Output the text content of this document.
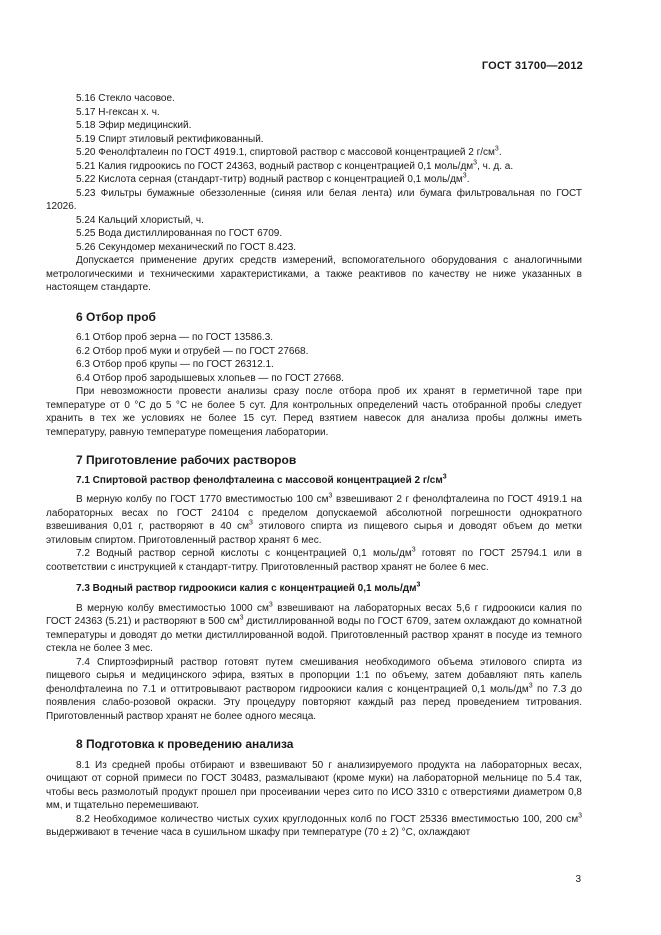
ГОСТ 31700—2012

5.16 Стекло часовое.

5.17 Н-гексан х. ч.

5.18 Эфир медицинский.

5.19 Спирт этиловый ректификованный.

5.20 Фенолфталеин по ГОСТ 4919.1, спиртовой раствор с массовой концентрацией 2 $г/см^3$.

5.21 Калия гидроокись по ГОСТ 24363, водный раствор с концентрацией 0,1 моль/$дм^3$, ч. д. а.

5.22 Кислота серная (стандарт-титр) водный раствор с концентрацией 0,1 моль/$дм^3$.

5.23 Фильтры бумажные обеззоленные (синяя или белая лента) или бумага фильтровальная по ГОСТ 12026.

5.24 Кальций хлористый, ч.

5.25 Вода дистиллированная по ГОСТ 6709.

5.26 Секундомер механический по ГОСТ 8.423.

Допускается применение других средств измерений, вспомогательного оборудования с аналогичными метрологическими и техническими характеристиками, а также реактивов по качеству не ниже указанных в настоящем стандарте.

6 Отбор проб

6.1 Отбор проб зерна — по ГОСТ 13586.3.

6.2 Отбор проб муки и отрубей — по ГОСТ 27668.

6.3 Отбор проб крупы — по ГОСТ 26312.1.

6.4 Отбор проб зародышевых хлопьев — по ГОСТ 27668.

При невозможности провести анализы сразу после отбора проб их хранят в герметичной таре при температуре от 0 °С до 5 °С не более 5 сут. Для контрольных определений часть отобранной пробы следует хранить в тех же условиях не более 15 сут. Перед взятием навесок для анализа пробы должны иметь температуру, равную температуре помещения лаборатории.

7 Приготовление рабочих растворов

7.1 Спиртовой раствор фенолфталеина с массовой концентрацией 2 $г/см^3$

В мерную колбу по ГОСТ 1770 вместимостью 100 $см^3$ взвешивают 2 г фенолфталеина по ГОСТ 4919.1 на лабораторных весах по ГОСТ 24104 с пределом допускаемой абсолютной погрешности однократного взвешивания 0,01 г, растворяют в 40 $см^3$ этилового спирта из пищевого сырья и доводят объем до метки этиловым спиртом. Приготовленный раствор хранят 6 мес.

7.2 Водный раствор серной кислоты с концентрацией 0,1 моль/$дм^3$ готовят по ГОСТ 25794.1 или в соответствии с инструкцией к стандарт-титру. Приготовленный раствор хранят не более 6 мес.

7.3 Водный раствор гидроокиси калия с концентрацией 0,1 моль/$дм^3$

В мерную колбу вместимостью 1000 $см^3$ взвешивают на лабораторных весах 5,6 г гидроокиси калия по ГОСТ 24363 (5.21) и растворяют в 500 $см^3$ дистиллированной воды по ГОСТ 6709, затем охлаждают до комнатной температуры и доводят до метки дистиллированной водой. Приготовленный раствор хранят в посуде из темного стекла не более 3 мес.

7.4 Спиртоэфирный раствор готовят путем смешивания необходимого объема этилового спирта из пищевого сырья и медицинского эфира, взятых в пропорции 1:1 по объему, затем добавляют пять капель фенолфталеина по 7.1 и оттитровывают раствором гидроокиси калия с концентрацией 0,1 моль/$дм^3$ по 7.3 до появления слабо-розовой окраски. Эту процедуру повторяют каждый раз перед проведением титрования. Приготовленный раствор хранят не более одного месяца.

8 Подготовка к проведению анализа

8.1 Из средней пробы отбирают и взвешивают 50 г анализируемого продукта на лабораторных весах, очищают от сорной примеси по ГОСТ 30483, размалывают (кроме муки) на лабораторной мельнице по 5.4 так, чтобы весь размолотый продукт прошел при просеивании через сито по ИСО 3310 с отверстиями диаметром 0,8 мм, и тщательно перемешивают.

8.2 Необходимое количество чистых сухих круглодонных колб по ГОСТ 25336 вместимостью 100, 200 $см^3$ выдерживают в течение часа в сушильном шкафу при температуре (70 ± 2) °С, охлаждают

3
